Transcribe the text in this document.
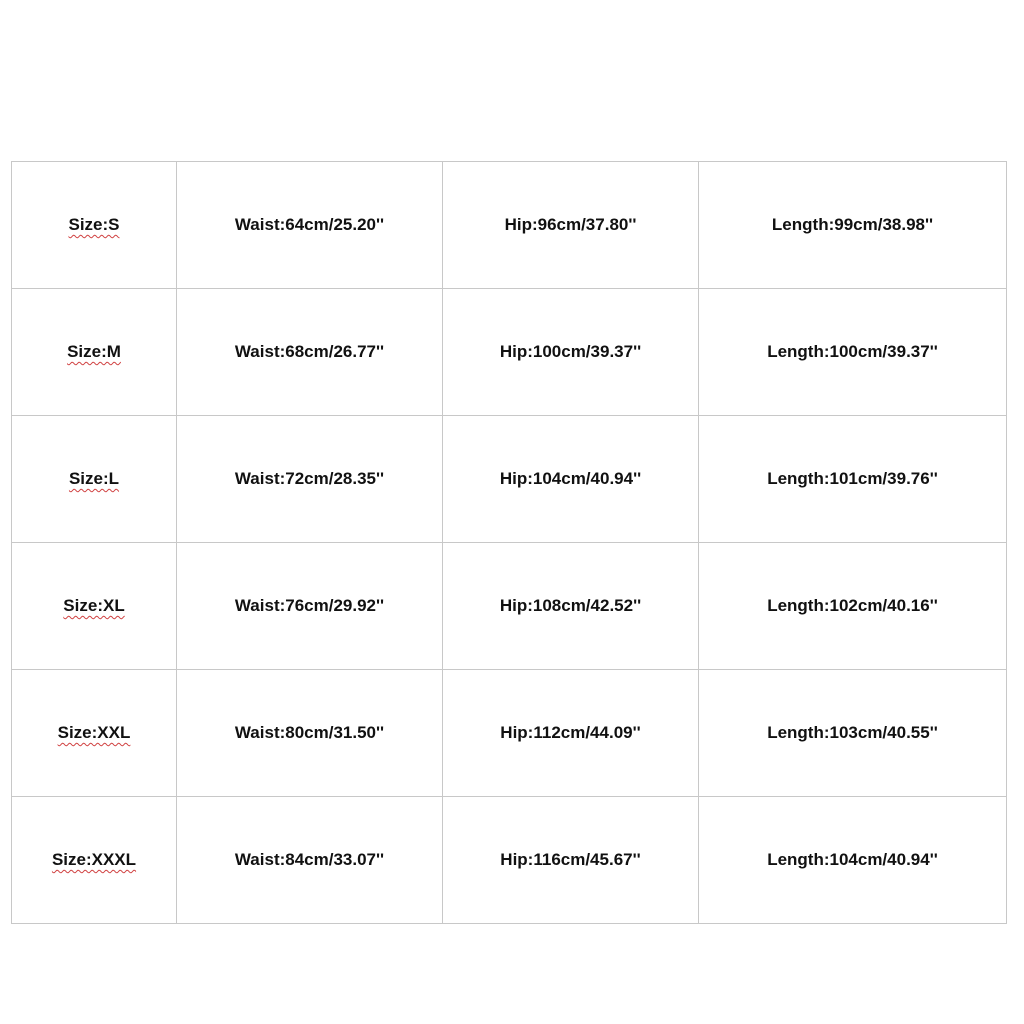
Size:S	Waist:64cm/25.20''	Hip:96cm/37.80''	Length:99cm/38.98''
Size:M	Waist:68cm/26.77''	Hip:100cm/39.37''	Length:100cm/39.37''
Size:L	Waist:72cm/28.35''	Hip:104cm/40.94''	Length:101cm/39.76''
Size:XL	Waist:76cm/29.92''	Hip:108cm/42.52''	Length:102cm/40.16''
Size:XXL	Waist:80cm/31.50''	Hip:112cm/44.09''	Length:103cm/40.55''
Size:XXXL	Waist:84cm/33.07''	Hip:116cm/45.67''	Length:104cm/40.94''
